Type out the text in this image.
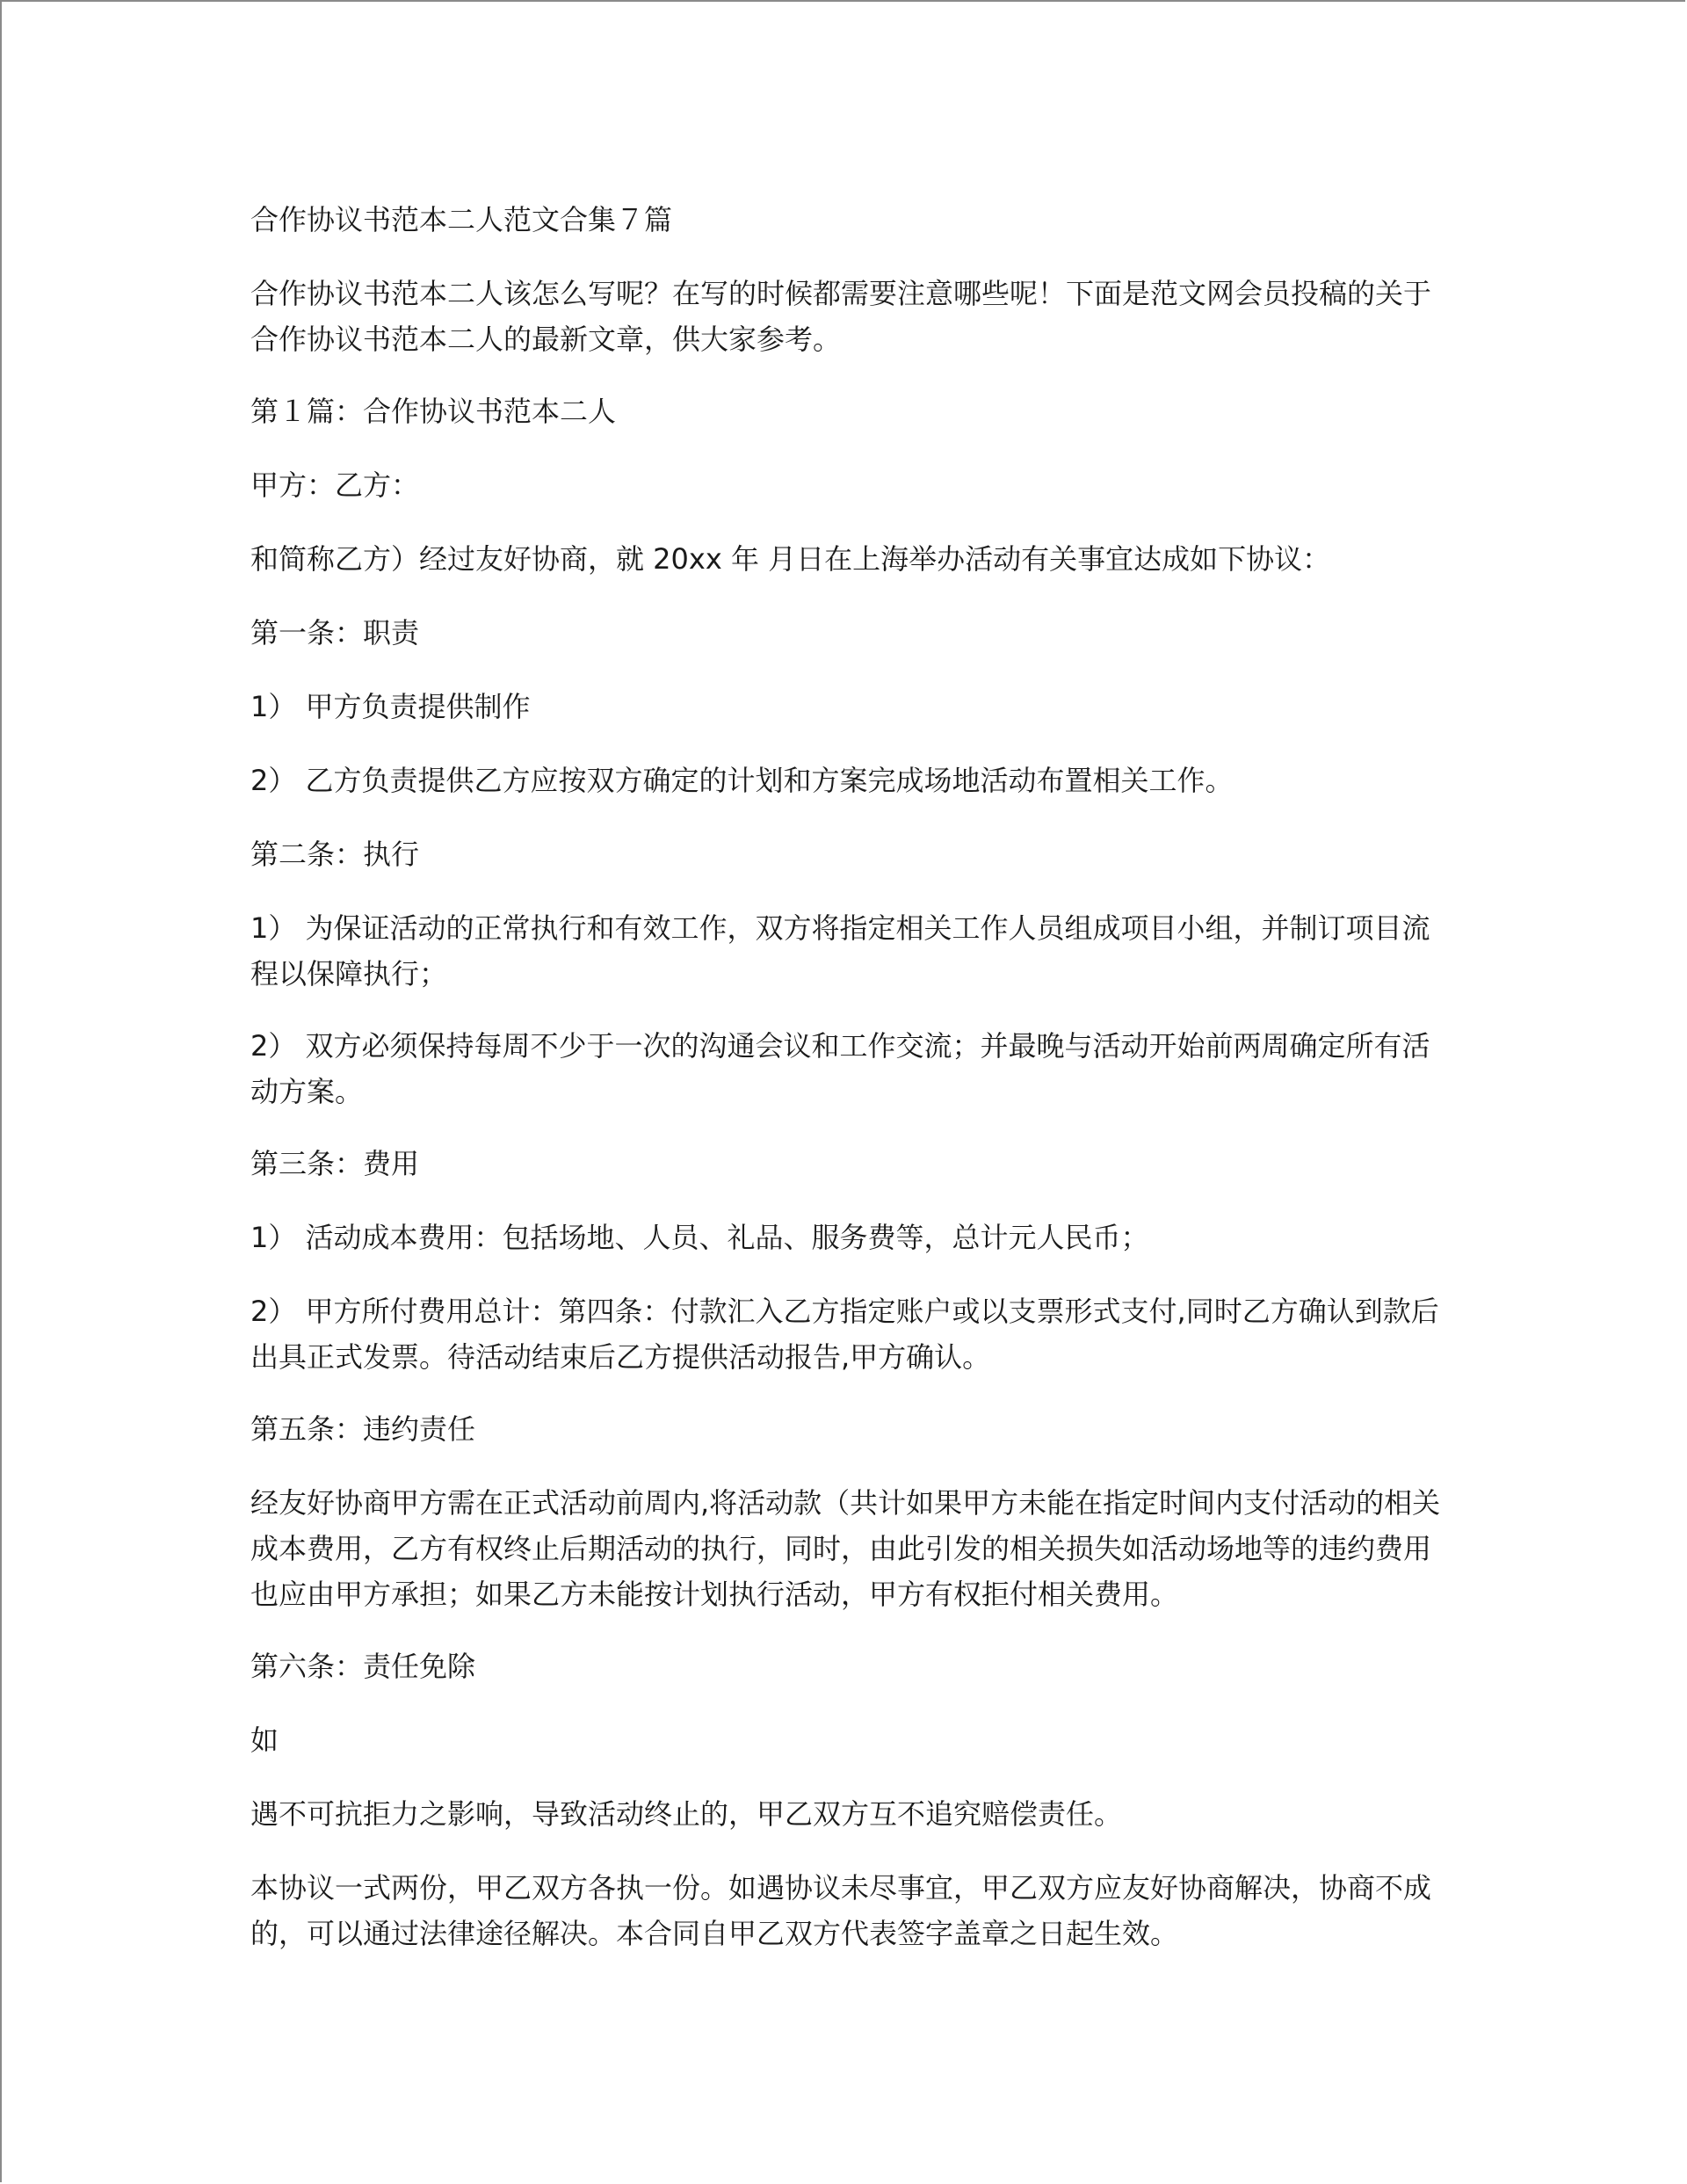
合作协议书范本二人范文合集７篇

合作协议书范本二人该怎么写呢？在写的时候都需要注意哪些呢！下面是范文网会员投稿的关于合作协议书范本二人的最新文章，供大家参考。

第１篇：合作协议书范本二人

甲方：乙方：

和简称乙方）经过友好协商，就 20xx 年 月日在上海举办活动有关事宜达成如下协议：

第一条：职责

1） 甲方负责提供制作

2） 乙方负责提供乙方应按双方确定的计划和方案完成场地活动布置相关工作。

第二条：执行

1） 为保证活动的正常执行和有效工作，双方将指定相关工作人员组成项目小组，并制订项目流程以保障执行；

2） 双方必须保持每周不少于一次的沟通会议和工作交流；并最晚与活动开始前两周确定所有活动方案。

第三条：费用

1） 活动成本费用：包括场地、人员、礼品、服务费等，总计元人民币；

2） 甲方所付费用总计：第四条：付款汇入乙方指定账户或以支票形式支付,同时乙方确认到款后出具正式发票。待活动结束后乙方提供活动报告,甲方确认。

第五条：违约责任

经友好协商甲方需在正式活动前周内,将活动款（共计如果甲方未能在指定时间内支付活动的相关成本费用，乙方有权终止后期活动的执行，同时，由此引发的相关损失如活动场地等的违约费用也应由甲方承担；如果乙方未能按计划执行活动，甲方有权拒付相关费用。

第六条：责任免除

如

遇不可抗拒力之影响，导致活动终止的，甲乙双方互不追究赔偿责任。

本协议一式两份，甲乙双方各执一份。如遇协议未尽事宜，甲乙双方应友好协商解决，协商不成的，可以通过法律途径解决。本合同自甲乙双方代表签字盖章之日起生效。
